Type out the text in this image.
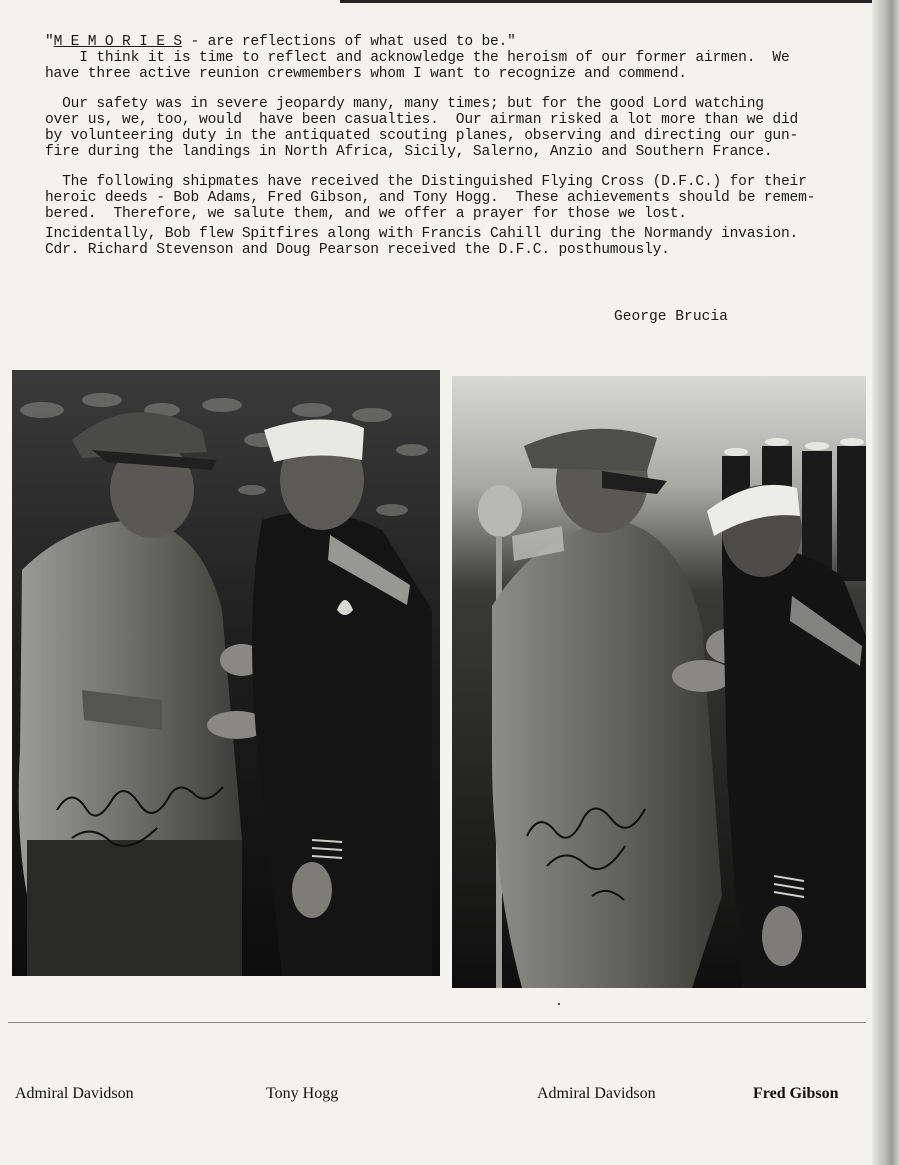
"M E M O R I E S - are reflections of what used to be."
I think it is time to reflect and acknowledge the heroism of our former airmen.  We
have three active reunion crewmembers whom I want to recognize and commend.
Our safety was in severe jeopardy many, many times; but for the good Lord watching
over us, we, too, would  have been casualties.  Our airman risked a lot more than we did
by volunteering duty in the antiquated scouting planes, observing and directing our gun-
fire during the landings in North Africa, Sicily, Salerno, Anzio and Southern France.
The following shipmates have received the Distinguished Flying Cross (D.F.C.) for their
heroic deeds - Bob Adams, Fred Gibson, and Tony Hogg.  These achievements should be remem-
bered.  Therefore, we salute them, and we offer a prayer for those we lost.
Incidentally, Bob flew Spitfires along with Francis Cahill during the Normandy invasion.
Cdr. Richard Stevenson and Doug Pearson received the D.F.C. posthumously.
George Brucia
Admiral Davidson	Tony Hogg	Admiral Davidson	Fred Gibson
